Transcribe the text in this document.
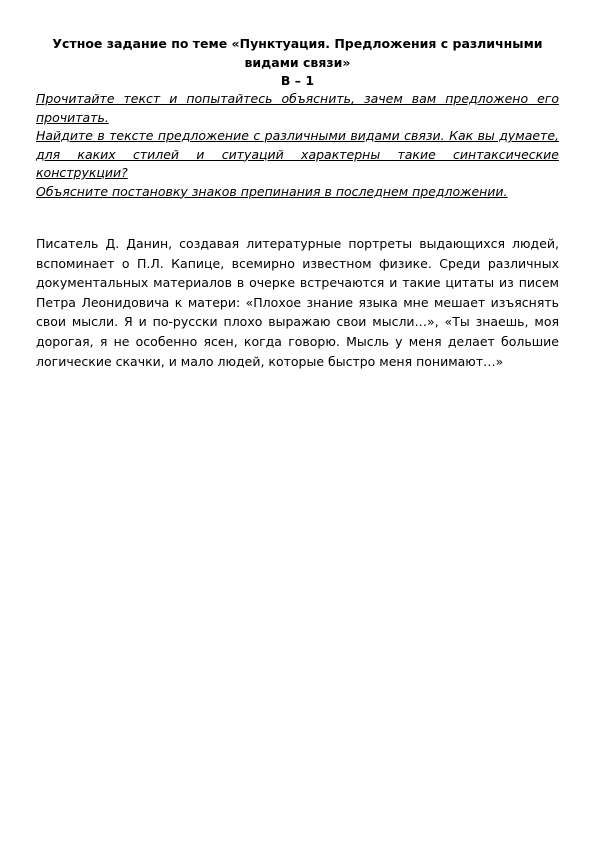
Устное задание по теме «Пунктуация. Предложения с различными видами связи»
В – 1

Прочитайте текст и попытайтесь объяснить, зачем вам предложено его прочитать.

Найдите в тексте предложение с различными видами связи. Как вы думаете, для каких стилей и ситуаций характерны такие синтаксические конструкции?

Объясните постановку знаков препинания в последнем предложении.

Писатель Д. Данин, создавая литературные портреты выдающихся людей, вспоминает о П.Л. Капице, всемирно известном физике. Среди различных документальных материалов в очерке встречаются и такие цитаты из писем Петра Леонидовича к матери: «Плохое знание языка мне мешает изъяснять свои мысли. Я и по-русски плохо выражаю свои мысли…», «Ты знаешь, моя дорогая, я не особенно ясен, когда говорю. Мысль у меня делает большие логические скачки, и мало людей, которые быстро меня понимают…»
